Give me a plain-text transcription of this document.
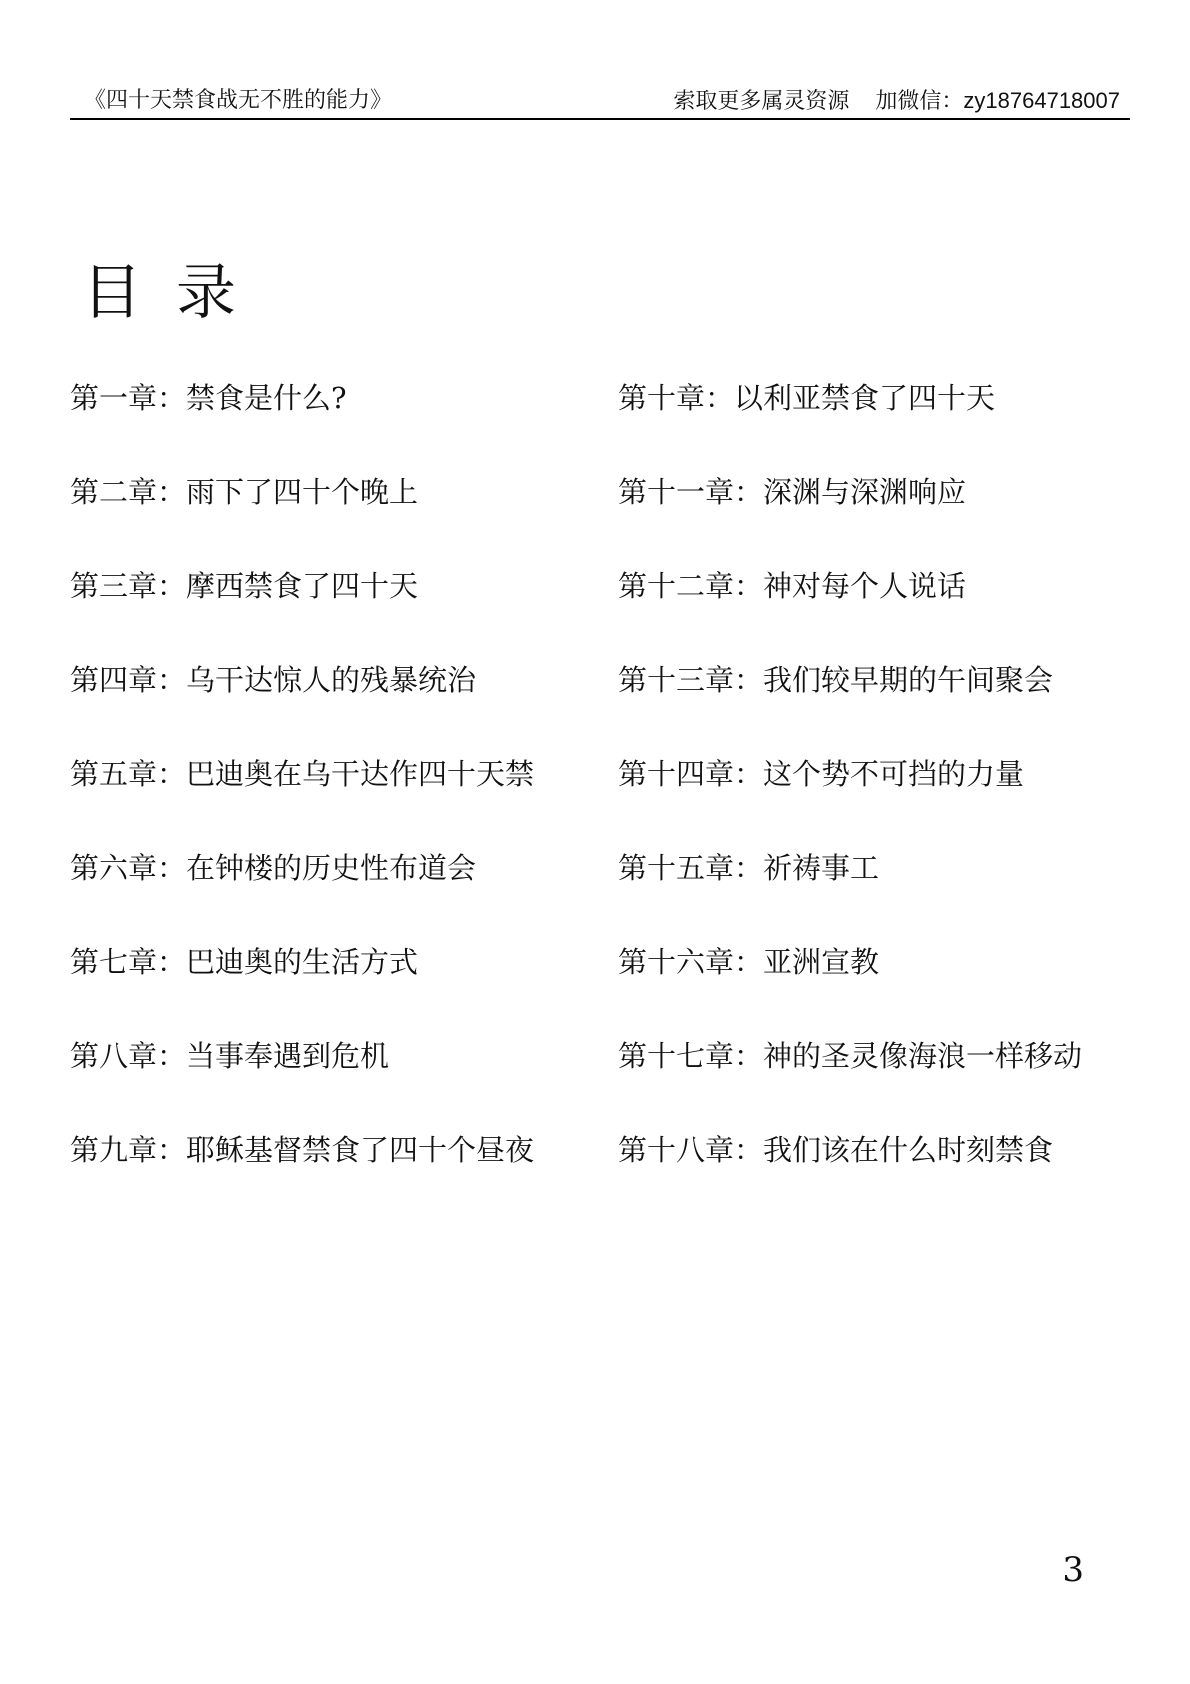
《四十天禁食战无不胜的能力》	索取更多属灵资源 加微信：zy18764718007
目录
第一章：禁食是什么?	第十章：以利亚禁食了四十天
第二章：雨下了四十个晚上	第十一章：深渊与深渊响应
第三章：摩西禁食了四十天	第十二章：神对每个人说话
第四章：乌干达惊人的残暴统治	第十三章：我们较早期的午间聚会
第五章：巴迪奥在乌干达作四十天禁	第十四章：这个势不可挡的力量
第六章：在钟楼的历史性布道会	第十五章：祈祷事工
第七章：巴迪奥的生活方式	第十六章：亚洲宣教
第八章：当事奉遇到危机	第十七章：神的圣灵像海浪一样移动
第九章：耶稣基督禁食了四十个昼夜	第十八章：我们该在什么时刻禁食
3
